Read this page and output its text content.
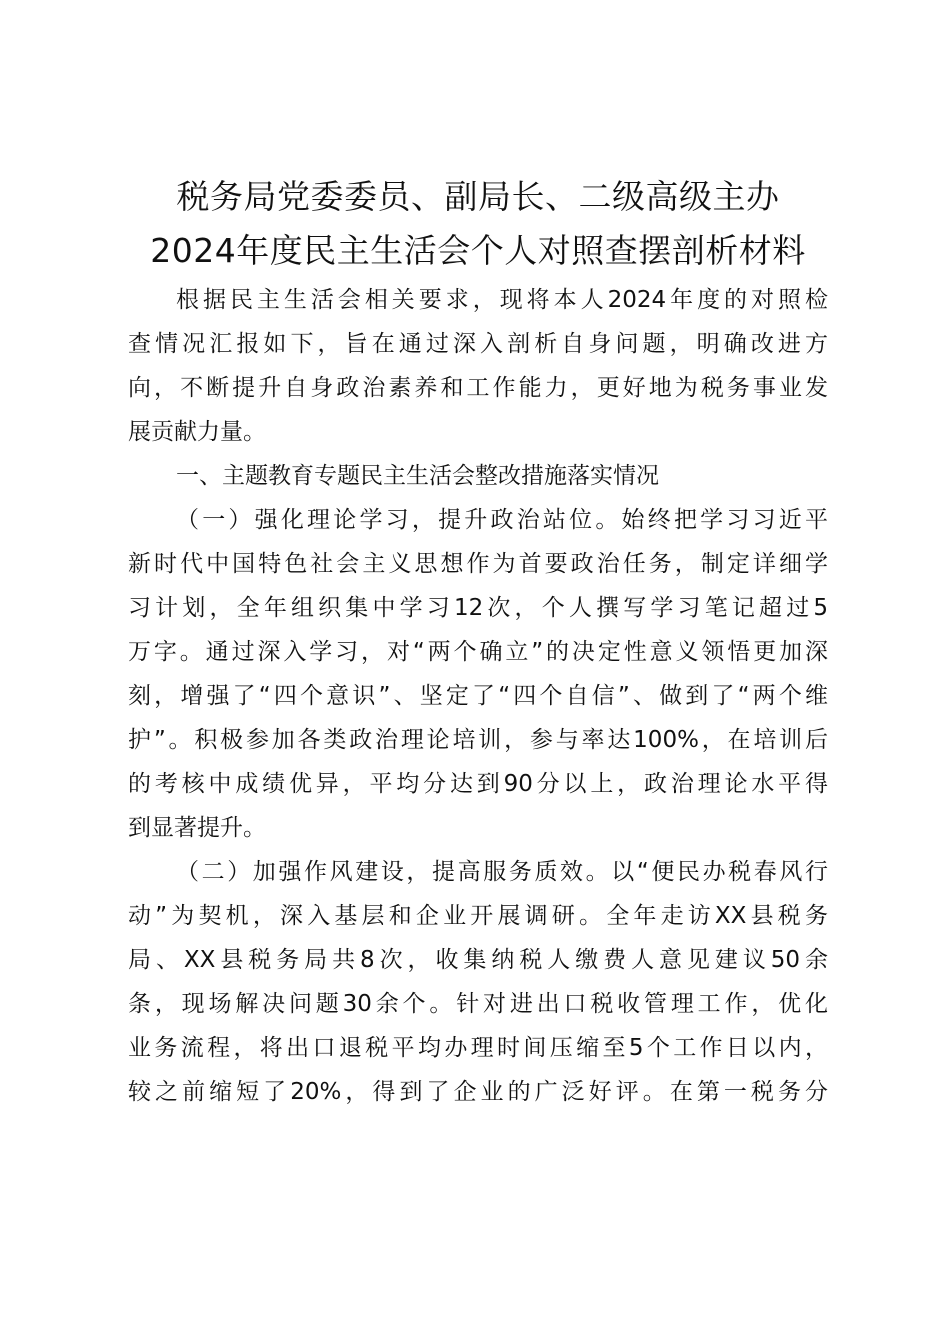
税务局党委委员、副局长、二级高级主办
2024年度民主生活会个人对照查摆剖析材料
根据民主生活会相关要求，现将本人2024年度的对照检
查情况汇报如下，旨在通过深入剖析自身问题，明确改进方
向，不断提升自身政治素养和工作能力，更好地为税务事业发
展贡献力量。
一、主题教育专题民主生活会整改措施落实情况
（一）强化理论学习，提升政治站位。始终把学习习近平
新时代中国特色社会主义思想作为首要政治任务，制定详细学
习计划，全年组织集中学习12次，个人撰写学习笔记超过5
万字。通过深入学习，对“两个确立”的决定性意义领悟更加深
刻，增强了“四个意识”、坚定了“四个自信”、做到了“两个维
护”。积极参加各类政治理论培训，参与率达100%，在培训后
的考核中成绩优异，平均分达到90分以上，政治理论水平得
到显著提升。
（二）加强作风建设，提高服务质效。以“便民办税春风行
动”为契机，深入基层和企业开展调研。全年走访XX县税务
局、XX县税务局共8次，收集纳税人缴费人意见建议50余
条，现场解决问题30余个。针对进出口税收管理工作，优化
业务流程，将出口退税平均办理时间压缩至5个工作日以内，
较之前缩短了20%，得到了企业的广泛好评。在第一税务分
